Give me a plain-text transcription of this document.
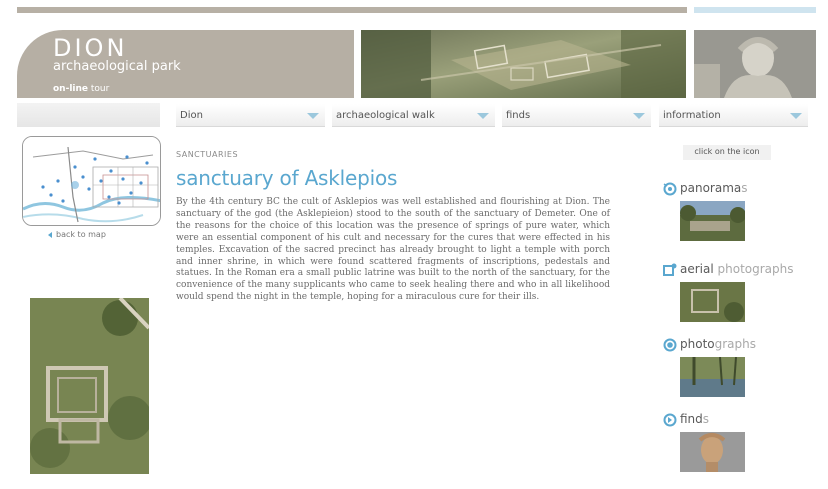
DION
archaeological park
on-line tour
Dion	archaeological walk	finds	information
back to map
SANCTUARIES
sanctuary of Asklepios

By the 4th century BC the cult of Asklepios was well established and flourishing at Dion. The sanctuary of the god (the Asklepieion) stood to the south of the sanctuary of Demeter. One of the reasons for the choice of this location was the presence of springs of pure water, which were an essential component of his cult and necessary for the cures that were effected in his temples. Excavation of the sacred precinct has already brought to light a temple with porch and inner shrine, in which were found scattered fragments of inscriptions, pedestals and statues. In the Roman era a small public latrine was built to the north of the sanctuary, for the convenience of the many supplicants who came to seek healing there and who in all likelihood would spend the night in the temple, hoping for a miraculous cure for their ills.

click on the icon
panoramas
aerial photographs
photographs
finds
